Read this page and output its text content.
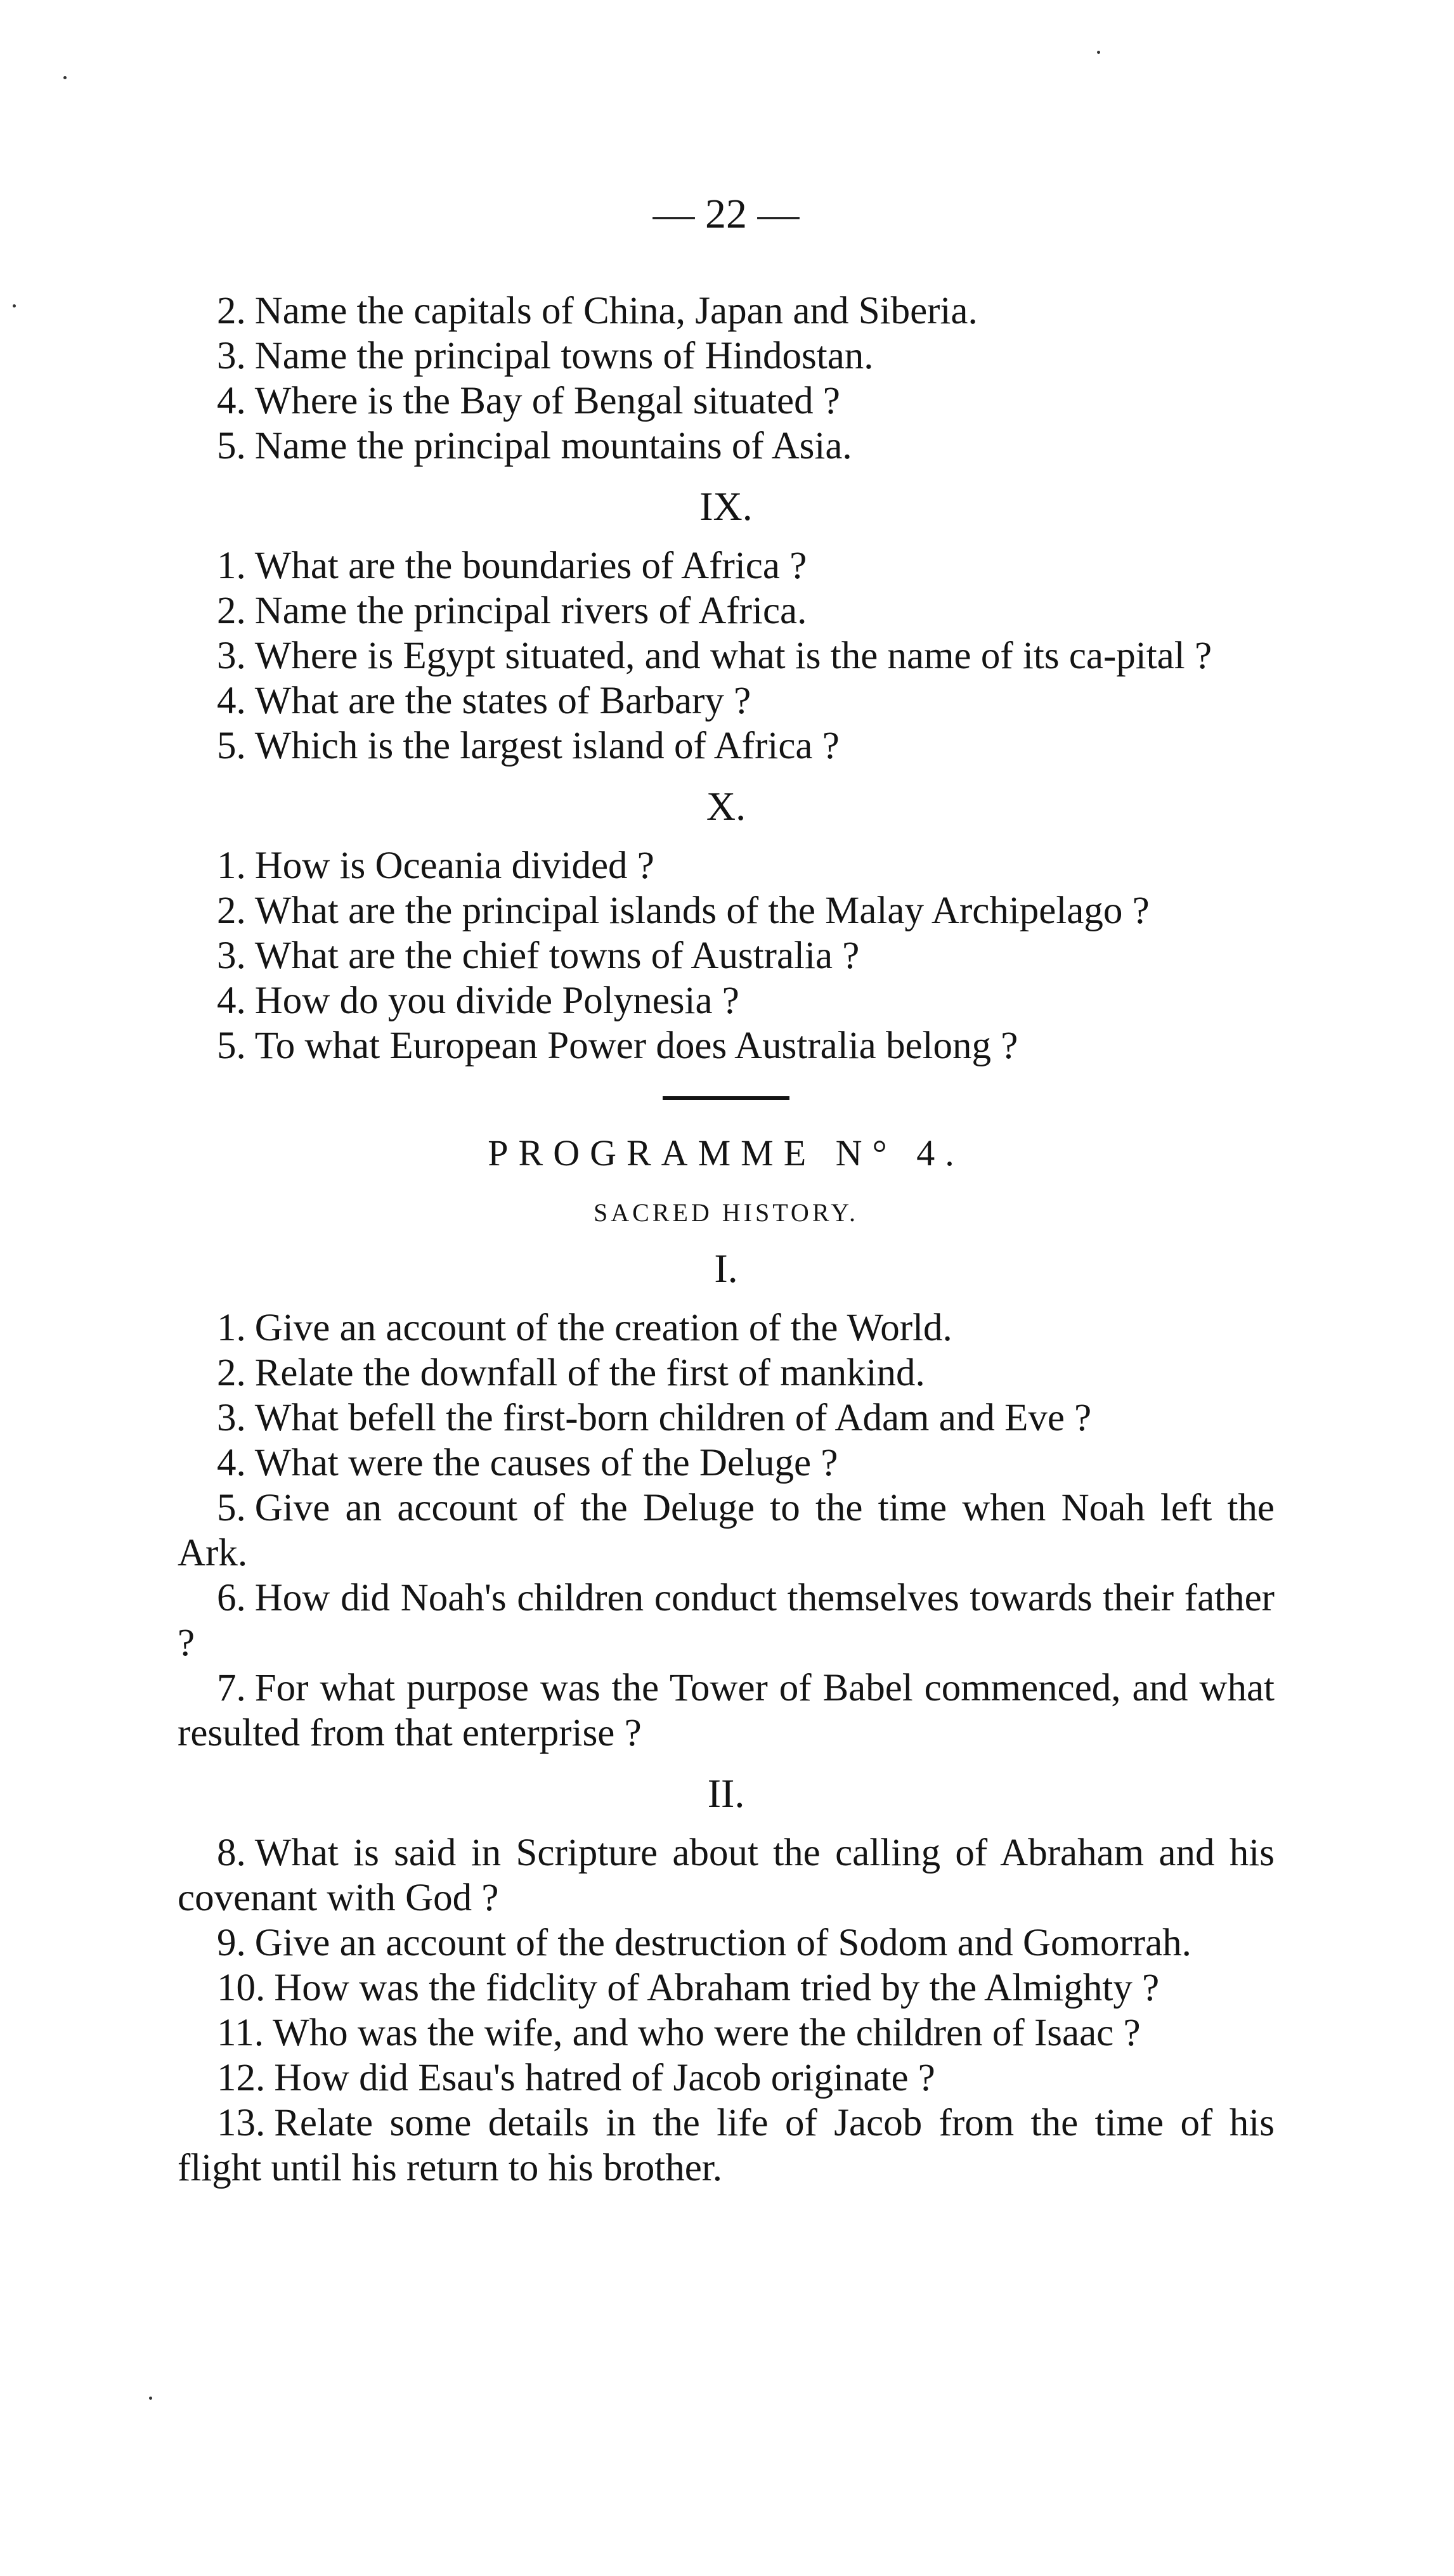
— 22 —

2. Name the capitals of China, Japan and Siberia.

3. Name the principal towns of Hindostan.

4. Where is the Bay of Bengal situated ?

5. Name the principal mountains of Asia.

IX.

1. What are the boundaries of Africa ?

2. Name the principal rivers of Africa.

3. Where is Egypt situated, and what is the name of its ca-pital ?

4. What are the states of Barbary ?

5. Which is the largest island of Africa ?

X.

1. How is Oceania divided ?

2. What are the principal islands of the Malay Archipelago ?

3. What are the chief towns of Australia ?

4. How do you divide Polynesia ?

5. To what European Power does Australia belong ?

PROGRAMME N° 4.
SACRED HISTORY.
I.

1. Give an account of the creation of the World.

2. Relate the downfall of the first of mankind.

3. What befell the first-born children of Adam and Eve ?

4. What were the causes of the Deluge ?

5. Give an account of the Deluge to the time when Noah left the Ark.

6. How did Noah's children conduct themselves towards their father ?

7. For what purpose was the Tower of Babel commenced, and what resulted from that enterprise ?

II.

8. What is said in Scripture about the calling of Abraham and his covenant with God ?

9. Give an account of the destruction of Sodom and Gomorrah.

10. How was the fidclity of Abraham tried by the Almighty ?

11. Who was the wife, and who were the children of Isaac ?

12. How did Esau's hatred of Jacob originate ?

13. Relate some details in the life of Jacob from the time of his flight until his return to his brother.
